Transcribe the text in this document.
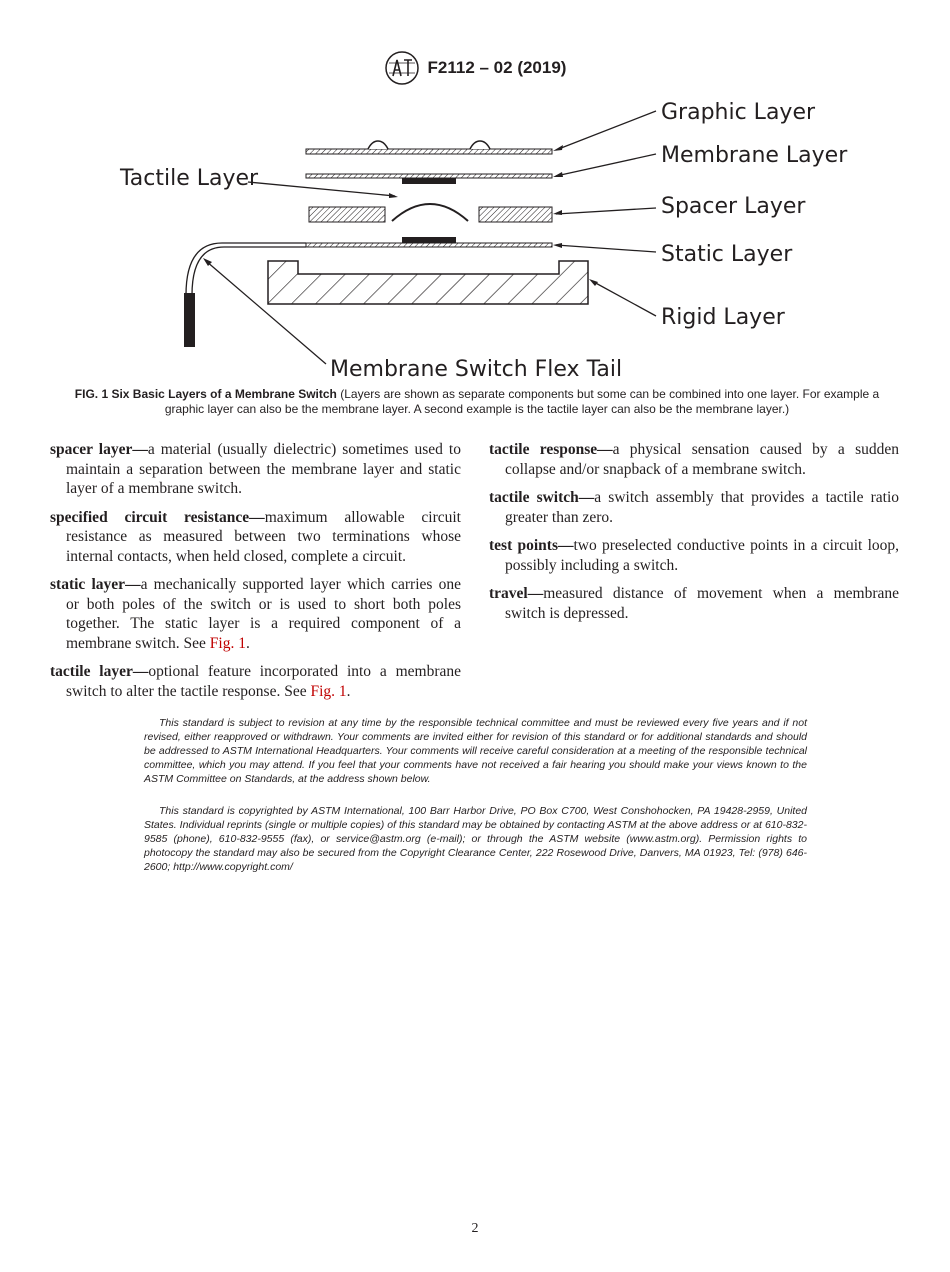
F2112 – 02 (2019)
Graphic Layer
Membrane Layer
Tactile Layer
Spacer Layer
Static Layer
Rigid Layer
Membrane Switch Flex Tail
FIG. 1 Six Basic Layers of a Membrane Switch (Layers are shown as separate components but some can be combined into one layer. For example a graphic layer can also be the membrane layer. A second example is the tactile layer can also be the membrane layer.)

spacer layer—a material (usually dielectric) sometimes used to maintain a separation between the membrane layer and static layer of a membrane switch.

specified circuit resistance—maximum allowable circuit resistance as measured between two terminations whose internal contacts, when held closed, complete a circuit.

static layer—a mechanically supported layer which carries one or both poles of the switch or is used to short both poles together. The static layer is a required component of a membrane switch. See Fig. 1.

tactile layer—optional feature incorporated into a membrane switch to alter the tactile response. See Fig. 1.

tactile response—a physical sensation caused by a sudden collapse and/or snapback of a membrane switch.

tactile switch—a switch assembly that provides a tactile ratio greater than zero.

test points—two preselected conductive points in a circuit loop, possibly including a switch.

travel—measured distance of movement when a membrane switch is depressed.

This standard is subject to revision at any time by the responsible technical committee and must be reviewed every five years and if not revised, either reapproved or withdrawn. Your comments are invited either for revision of this standard or for additional standards and should be addressed to ASTM International Headquarters. Your comments will receive careful consideration at a meeting of the responsible technical committee, which you may attend. If you feel that your comments have not received a fair hearing you should make your views known to the ASTM Committee on Standards, at the address shown below.

This standard is copyrighted by ASTM International, 100 Barr Harbor Drive, PO Box C700, West Conshohocken, PA 19428-2959, United States. Individual reprints (single or multiple copies) of this standard may be obtained by contacting ASTM at the above address or at 610-832-9585 (phone), 610-832-9555 (fax), or service@astm.org (e-mail); or through the ASTM website (www.astm.org). Permission rights to photocopy the standard may also be secured from the Copyright Clearance Center, 222 Rosewood Drive, Danvers, MA 01923, Tel: (978) 646-2600; http://www.copyright.com/

2
